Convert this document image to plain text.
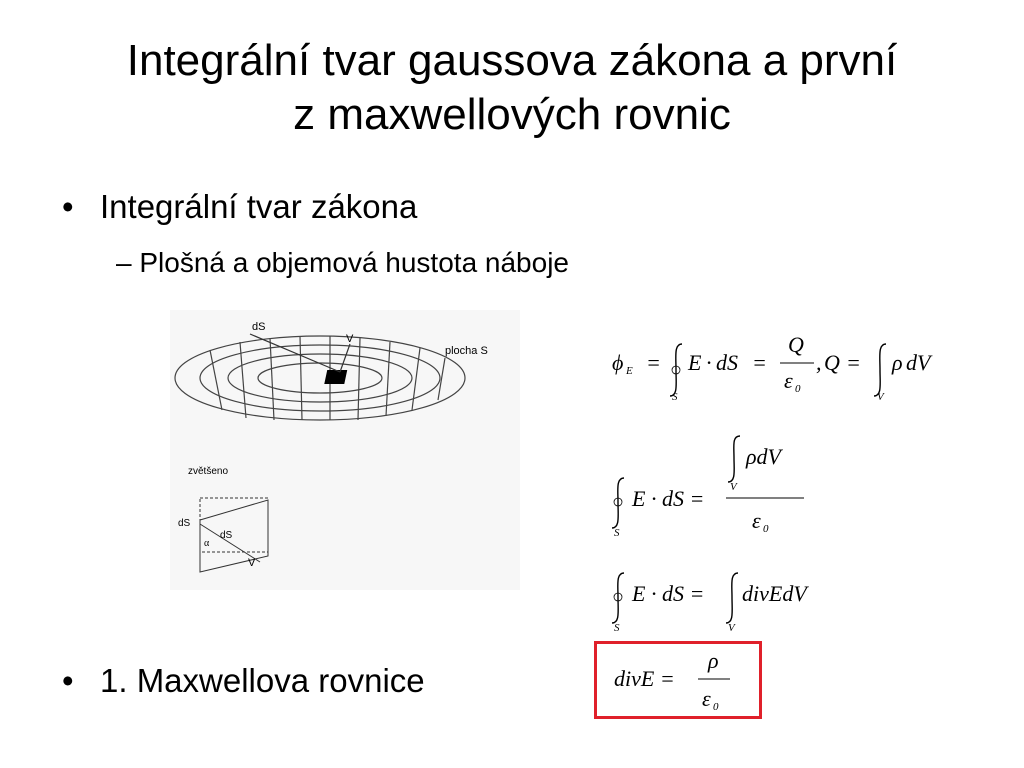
Integrální tvar gaussova zákona a první
z maxwellových rovnic
• Integrální tvar zákona
– Plošná a objemová hustota náboje
• 1. Maxwellova rovnice
dS
V
plocha S
zvětšeno
dS
dS
α
V
ϕ E =
S
E · dS =
Q
ε 0
, Q =
V
ρ dV
S
E · dS = V
ρdV
ε 0
S
E · dS =
V
divEdV
divE =
ρ
ε 0
